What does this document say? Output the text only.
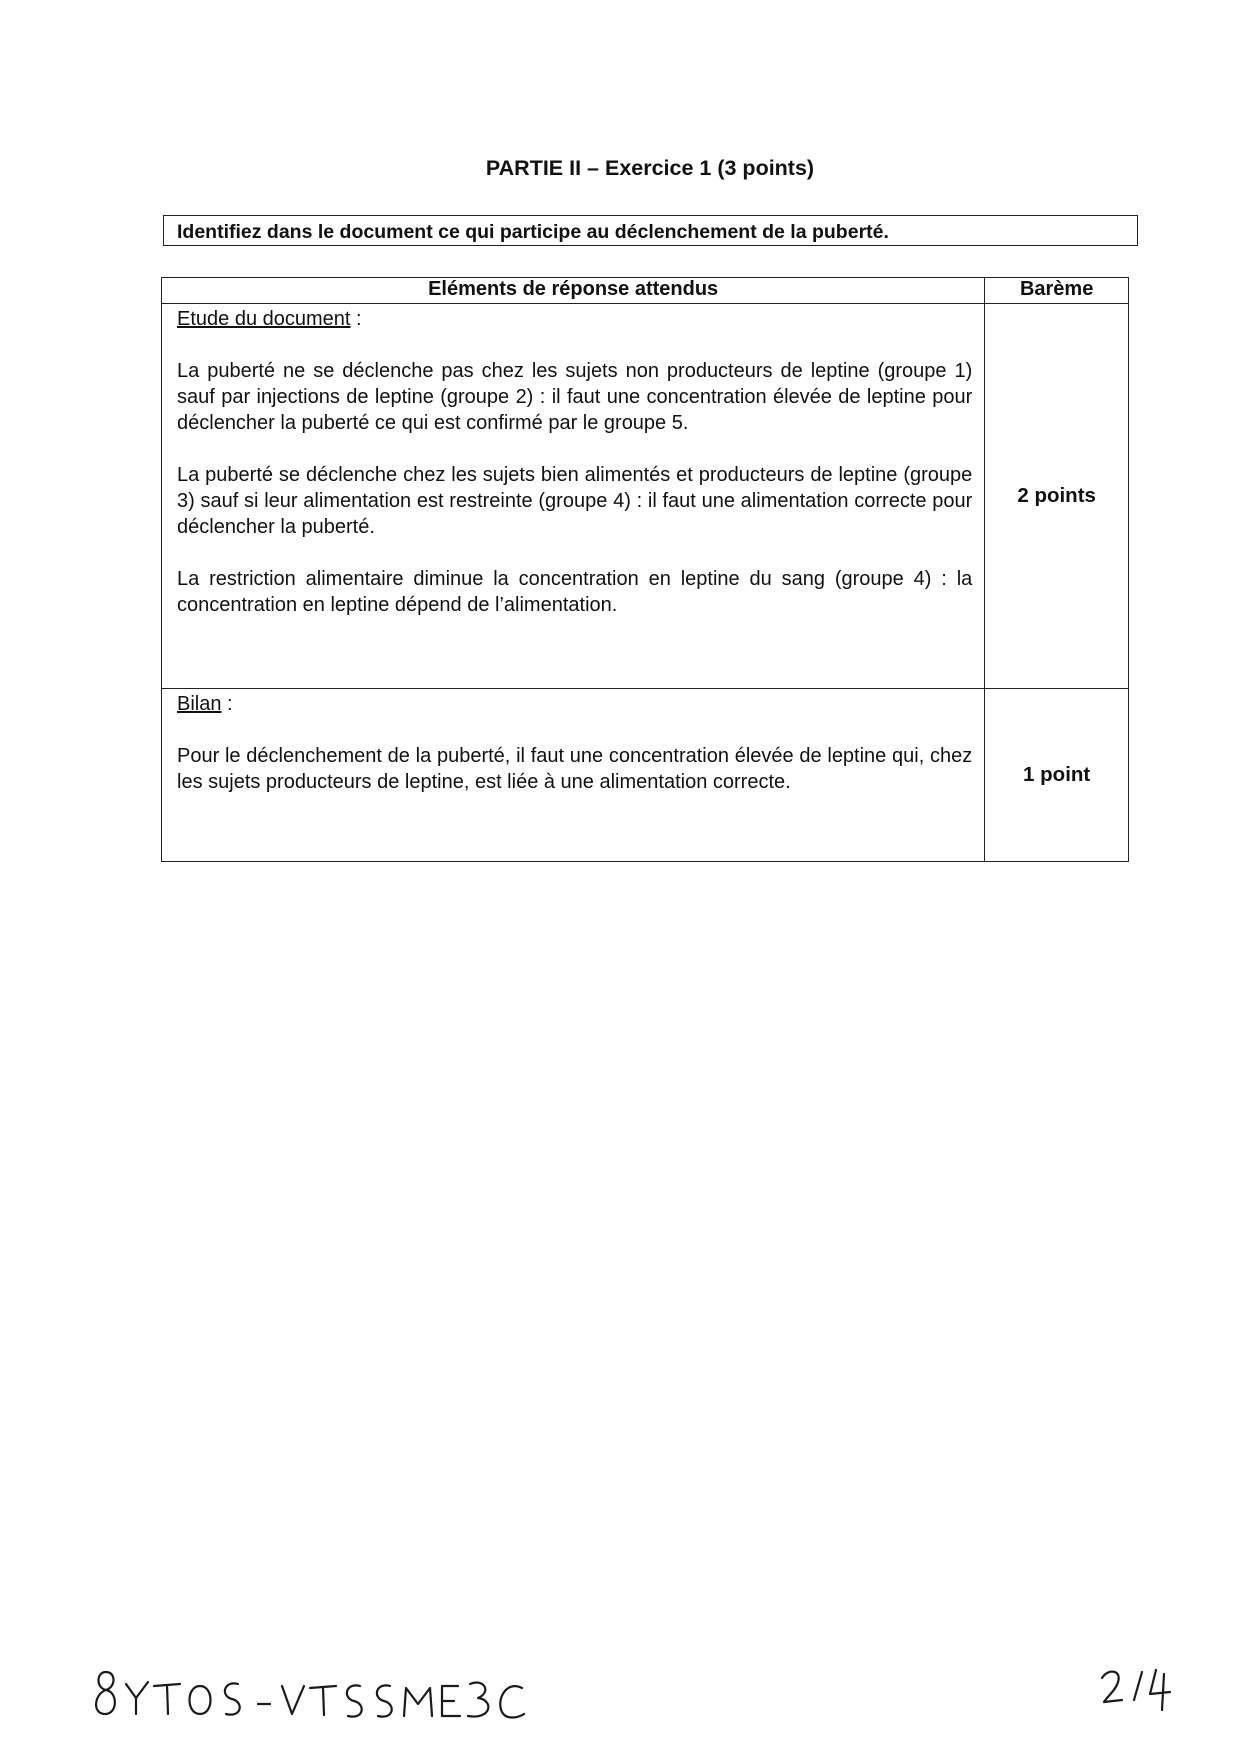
PARTIE II – Exercice 1 (3 points)
Identifiez dans le document ce qui participe au déclenchement de la puberté.
Eléments de réponse attendus	Barème

Etude du document :

La puberté ne se déclenche pas chez les sujets non producteurs de leptine (groupe 1) sauf par injections de leptine (groupe 2) : il faut une concentration élevée de leptine pour déclencher la puberté ce qui est confirmé par le groupe 5.

La puberté se déclenche chez les sujets bien alimentés et producteurs de leptine (groupe 3) sauf si leur alimentation est restreinte (groupe 4) : il faut une alimentation correcte pour déclencher la puberté.

La restriction alimentaire diminue la concentration en leptine du sang (groupe 4) : la concentration en leptine dépend de l’alimentation.	2 points

Bilan :

Pour le déclenchement de la puberté, il faut une concentration élevée de leptine qui, chez les sujets producteurs de leptine, est liée à une alimentation correcte.	1 point
